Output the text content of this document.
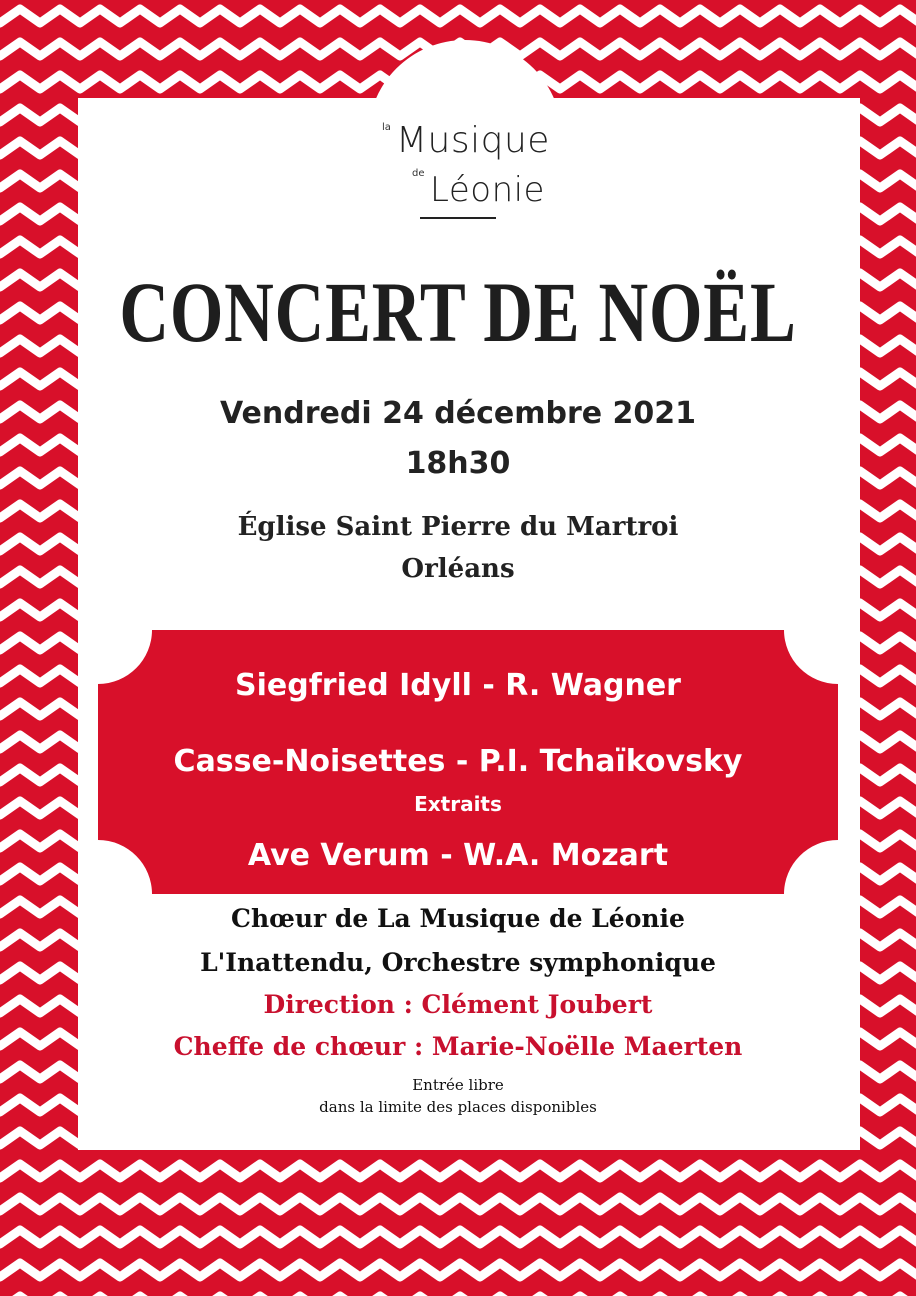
la Musique
de Léonie
CONCERT DE NOËL
Vendredi 24 décembre 2021
18h30
Église Saint Pierre du Martroi
Orléans
Siegfried Idyll - R. Wagner
Casse-Noisettes - P.I. Tchaïkovsky
Extraits
Ave Verum - W.A. Mozart
Chœur de La Musique de Léonie
L'Inattendu, Orchestre symphonique
Direction : Clément Joubert
Cheffe de chœur : Marie-Noëlle Maerten
Entrée libre
dans la limite des places disponibles
